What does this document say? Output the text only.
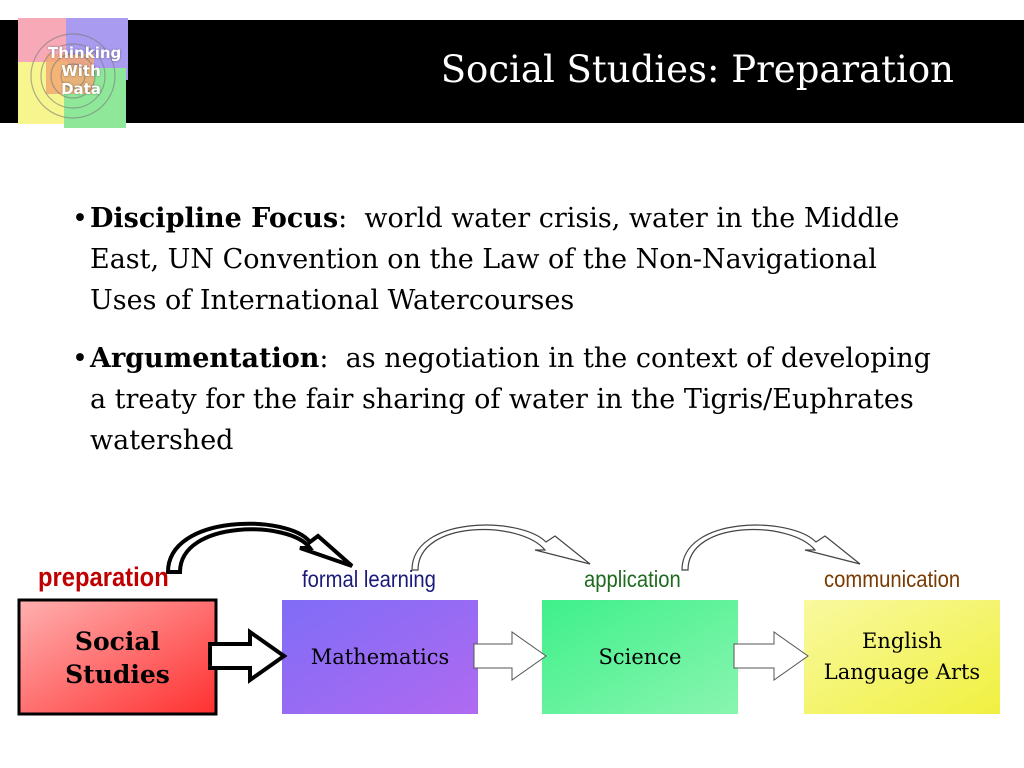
Social Studies: Preparation
Thinking With Data
• Discipline Focus:  world water crisis, water in the Middle East, UN Convention on the Law of the Non-Navigational Uses of International Watercourses
• Argumentation:  as negotiation in the context of developing a treaty for the fair sharing of water in the Tigris/Euphrates watershed
preparation	formal learning	application	communication
Social Studies
Mathematics	Science
English Language Arts
